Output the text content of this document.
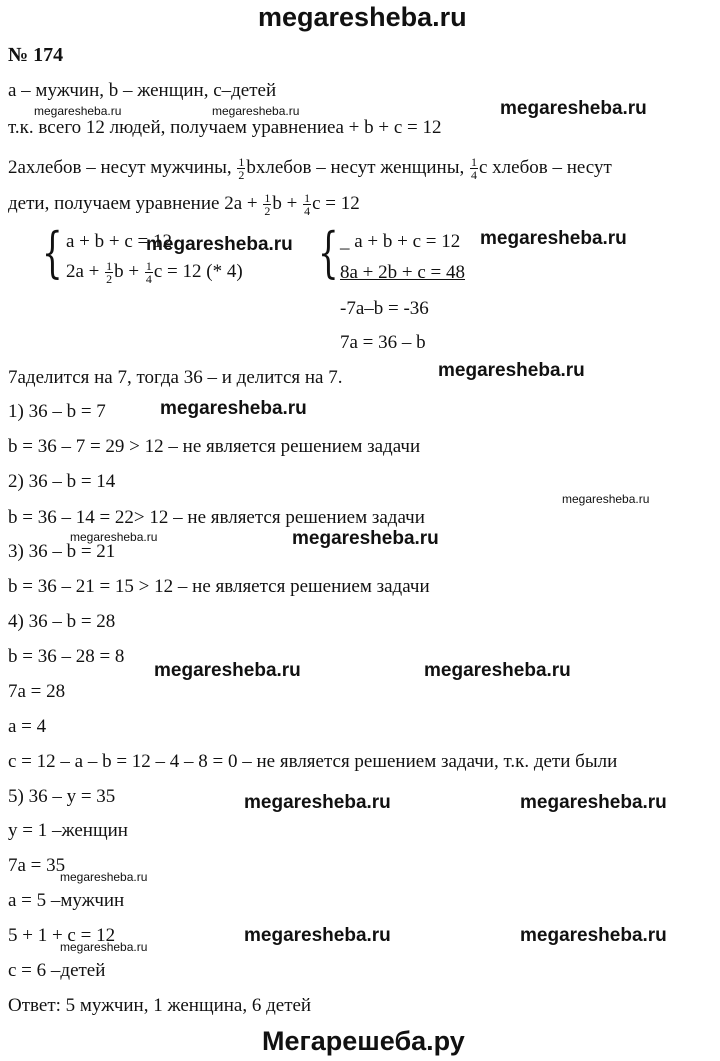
megaresheba.ru
№ 174
a – мужчин, b – женщин, c–детей
megaresheba.ru	megaresheba.ru	megaresheba.ru
т.к. всего 12 людей, получаем уравнениеa + b + c = 12
2aхлебов – несут мужчины, $\frac{1}{2}$ bхлебов – несут женщины, $\frac{1}{4}$ c хлебов – несут
дети, получаем уравнение $2a + \frac{1}{2}$ $b + \frac{1}{4}$ c = 12
{ a + b + c = 12
megaresheba.ru
$2a + \frac{1}{2}$ $b + \frac{1}{4}$ c = 12 (* 4) { _ a + b + c = 12 megaresheba.ru
8a + 2b + c = 48
-7a–b = -36
7a = 36 – b
7aделится на 7, тогда 36 – и делится на 7.	megaresheba.ru
1) 36 – b = 7	megaresheba.ru
b = 36 – 7 = 29 > 12 – не является решением задачи
2) 36 – b = 14
megaresheba.ru
b = 36 – 14 = 22> 12 – не является решением задачи
3) 36 – b = 21
megaresheba.ru	megaresheba.ru
b = 36 – 21 = 15 > 12 – не является решением задачи
4) 36 – b = 28
b = 36 – 28 = 8
megaresheba.ru	megaresheba.ru
7a = 28
a = 4
c = 12 – a – b = 12 – 4 – 8 = 0 – не является решением задачи, т.к. дети были
5) 36 – y = 35	megaresheba.ru	megaresheba.ru
y = 1 –женщин
7a = 35
megaresheba.ru
a = 5 –мужчин
5 + 1 + c = 12
megaresheba.ru
megaresheba.ru	megaresheba.ru
c = 6 –детей
Ответ: 5 мужчин, 1 женщина, 6 детей
Мегарешеба.ру
